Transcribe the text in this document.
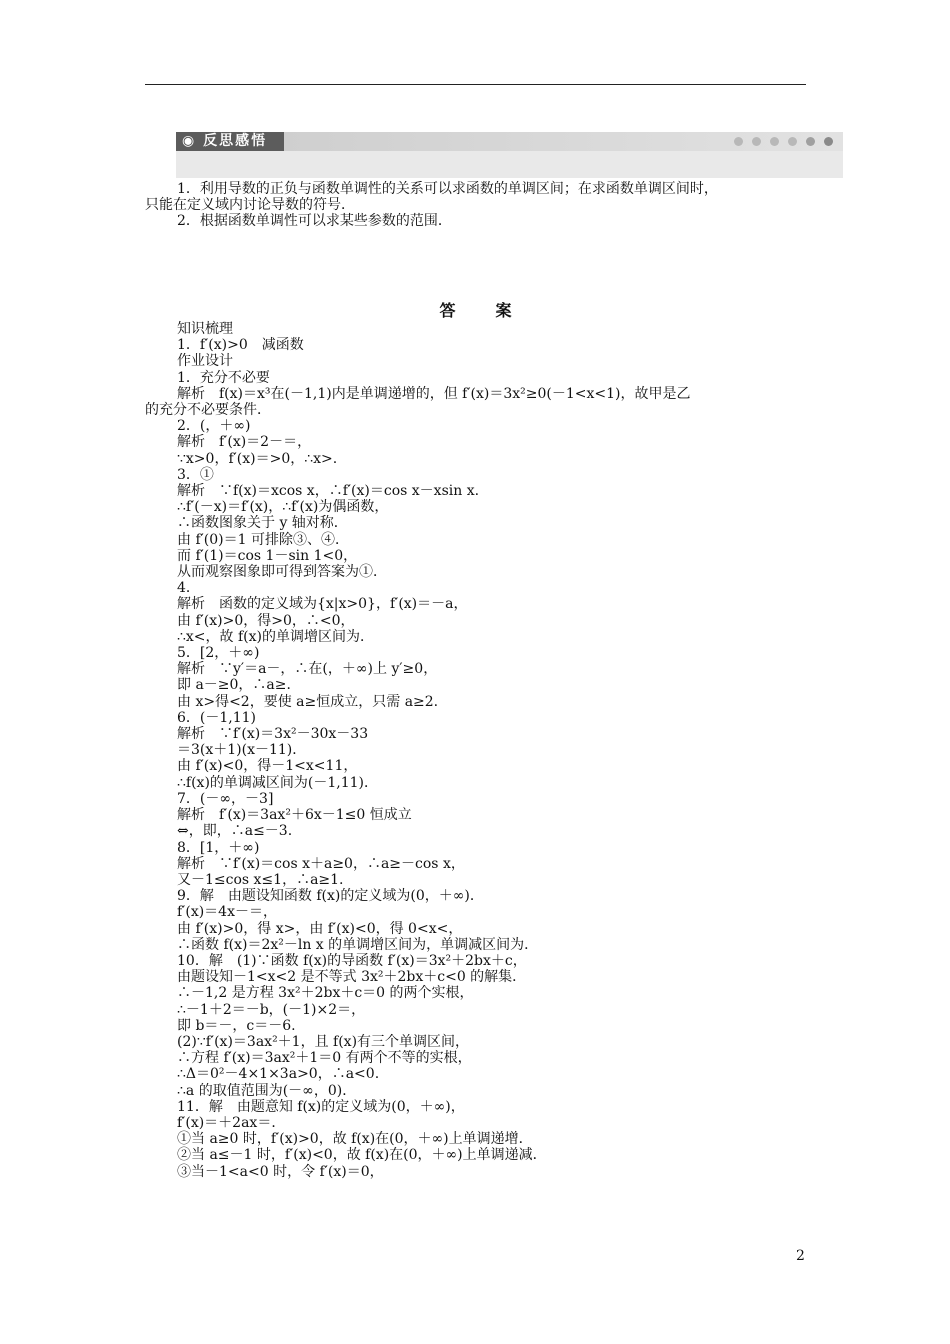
◉ 反思感悟

1．利用导数的正负与函数单调性的关系可以求函数的单调区间；在求函数单调区间时，

只能在定义域内讨论导数的符号．

2．根据函数单调性可以求某些参数的范围．

答案

知识梳理

1．f′(x)>0　减函数

作业设计

1．充分不必要

解析　f(x)＝x³在(－1,1)内是单调递增的，但 f′(x)＝3x²≥0(－1<x<1)，故甲是乙

的充分不必要条件．

2．(，＋∞)

解析　f′(x)＝2－＝，

∵x>0，f′(x)＝>0，∴x>.

3．①

解析　∵f(x)＝xcos x，∴f′(x)＝cos x－xsin x.

∴f′(－x)＝f′(x)，∴f′(x)为偶函数，

∴函数图象关于 y 轴对称．

由 f′(0)＝1 可排除③、④．

而 f′(1)＝cos 1－sin 1<0，

从而观察图象即可得到答案为①．

4．

解析　函数的定义域为{x|x>0}，f′(x)＝－a，

由 f′(x)>0，得>0，∴<0，

∴x<，故 f(x)的单调增区间为．

5．[2，＋∞)

解析　∵y′＝a－，∴在(，＋∞)上 y′≥0，

即 a－≥0，∴a≥．

由 x>得<2，要使 a≥恒成立，只需 a≥2.

6．(－1,11)

解析　∵f′(x)＝3x²－30x－33

＝3(x＋1)(x－11)．

由 f′(x)<0，得－1<x<11，

∴f(x)的单调减区间为(－1,11)．

7．(－∞，－3]

解析　f′(x)＝3ax²＋6x－1≤0 恒成立

⇔，即，∴a≤－3.

8．[1，＋∞)

解析　∵f′(x)＝cos x＋a≥0，∴a≥－cos x，

又－1≤cos x≤1，∴a≥1.

9．解　由题设知函数 f(x)的定义域为(0，＋∞)．

f′(x)＝4x－＝，

由 f′(x)>0，得 x>，由 f′(x)<0，得 0<x<，

∴函数 f(x)＝2x²－ln x 的单调增区间为，单调减区间为．

10．解　(1)∵函数 f(x)的导函数 f′(x)＝3x²＋2bx＋c，

由题设知－1<x<2 是不等式 3x²＋2bx＋c<0 的解集．

∴－1,2 是方程 3x²＋2bx＋c＝0 的两个实根，

∴－1＋2＝－b，(－1)×2＝，

即 b＝－，c＝－6.

(2)∵f′(x)＝3ax²＋1，且 f(x)有三个单调区间，

∴方程 f′(x)＝3ax²＋1＝0 有两个不等的实根，

∴Δ＝0²－4×1×3a>0，∴a<0.

∴a 的取值范围为(－∞，0)．

11．解　由题意知 f(x)的定义域为(0，＋∞)，

f′(x)＝＋2ax＝．

①当 a≥0 时，f′(x)>0，故 f(x)在(0，＋∞)上单调递增．

②当 a≤－1 时，f′(x)<0，故 f(x)在(0，＋∞)上单调递减．

③当－1<a<0 时，令 f′(x)＝0，

2
